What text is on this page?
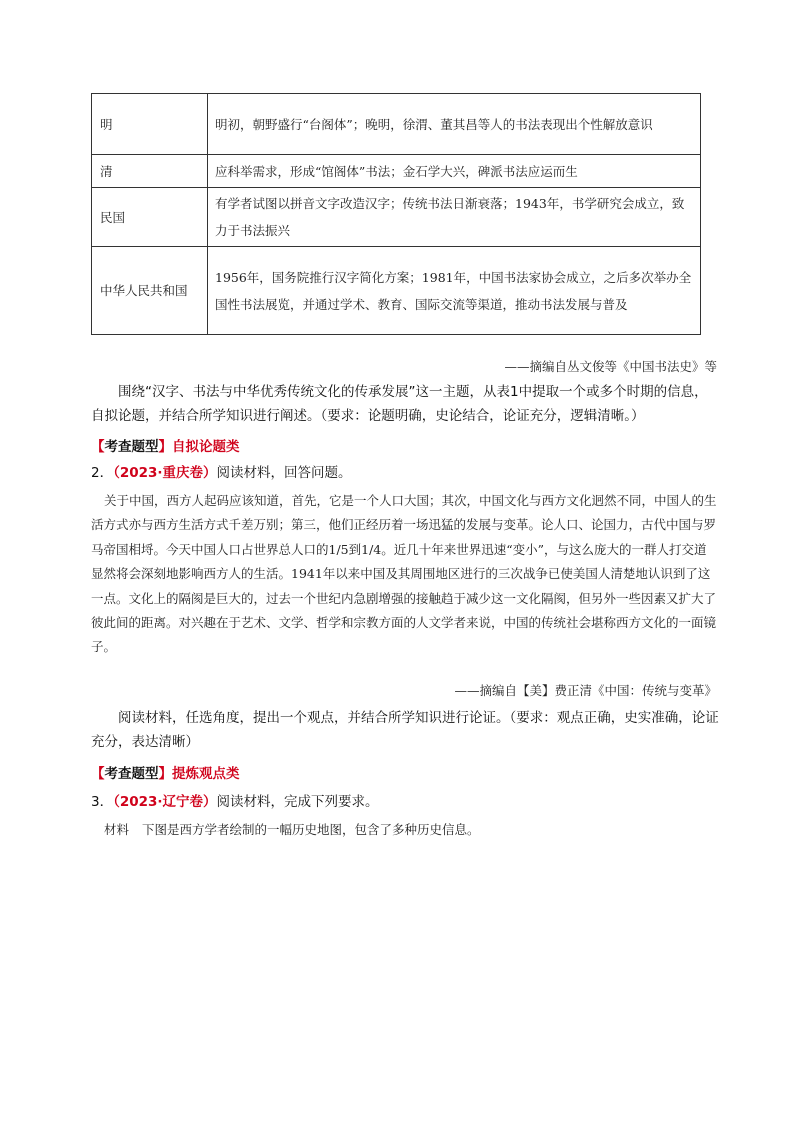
明	明初，朝野盛行“台阁体”；晚明，徐渭、董其昌等人的书法表现出个性解放意识
清	应科举需求，形成“馆阁体”书法；金石学大兴，碑派书法应运而生
民国	有学者试图以拼音文字改造汉字；传统书法日渐衰落；1943年，书学研究会成立，致力于书法振兴
中华人民共和国	1956年，国务院推行汉字简化方案；1981年，中国书法家协会成立，之后多次举办全国性书法展览，并通过学术、教育、国际交流等渠道，推动书法发展与普及
——摘编自丛文俊等《中国书法史》等
围绕“汉字、书法与中华优秀传统文化的传承发展”这一主题，从表1中提取一个或多个时期的信息，自拟论题，并结合所学知识进行阐述。（要求：论题明确，史论结合，论证充分，逻辑清晰。）
【考查题型】自拟论题类
2．（2023·重庆卷）阅读材料，回答问题。
关于中国，西方人起码应该知道，首先，它是一个人口大国；其次，中国文化与西方文化迥然不同，中国人的生活方式亦与西方生活方式千差万别；第三，他们正经历着一场迅猛的发展与变革。论人口、论国力，古代中国与罗马帝国相埒。今天中国人口占世界总人口的1/5到1/4。近几十年来世界迅速“变小”，与这么庞大的一群人打交道显然将会深刻地影响西方人的生活。1941年以来中国及其周围地区进行的三次战争已使美国人清楚地认识到了这一点。文化上的隔阂是巨大的，过去一个世纪内急剧增强的接触趋于减少这一文化隔阂，但另外一些因素又扩大了彼此间的距离。对兴趣在于艺术、文学、哲学和宗教方面的人文学者来说，中国的传统社会堪称西方文化的一面镜子。
——摘编自【美】费正清《中国：传统与变革》
阅读材料，任选角度，提出一个观点，并结合所学知识进行论证。（要求：观点正确，史实准确，论证充分，表达清晰）
【考查题型】提炼观点类
3．（2023·辽宁卷）阅读材料，完成下列要求。
材料 下图是西方学者绘制的一幅历史地图，包含了多种历史信息。
